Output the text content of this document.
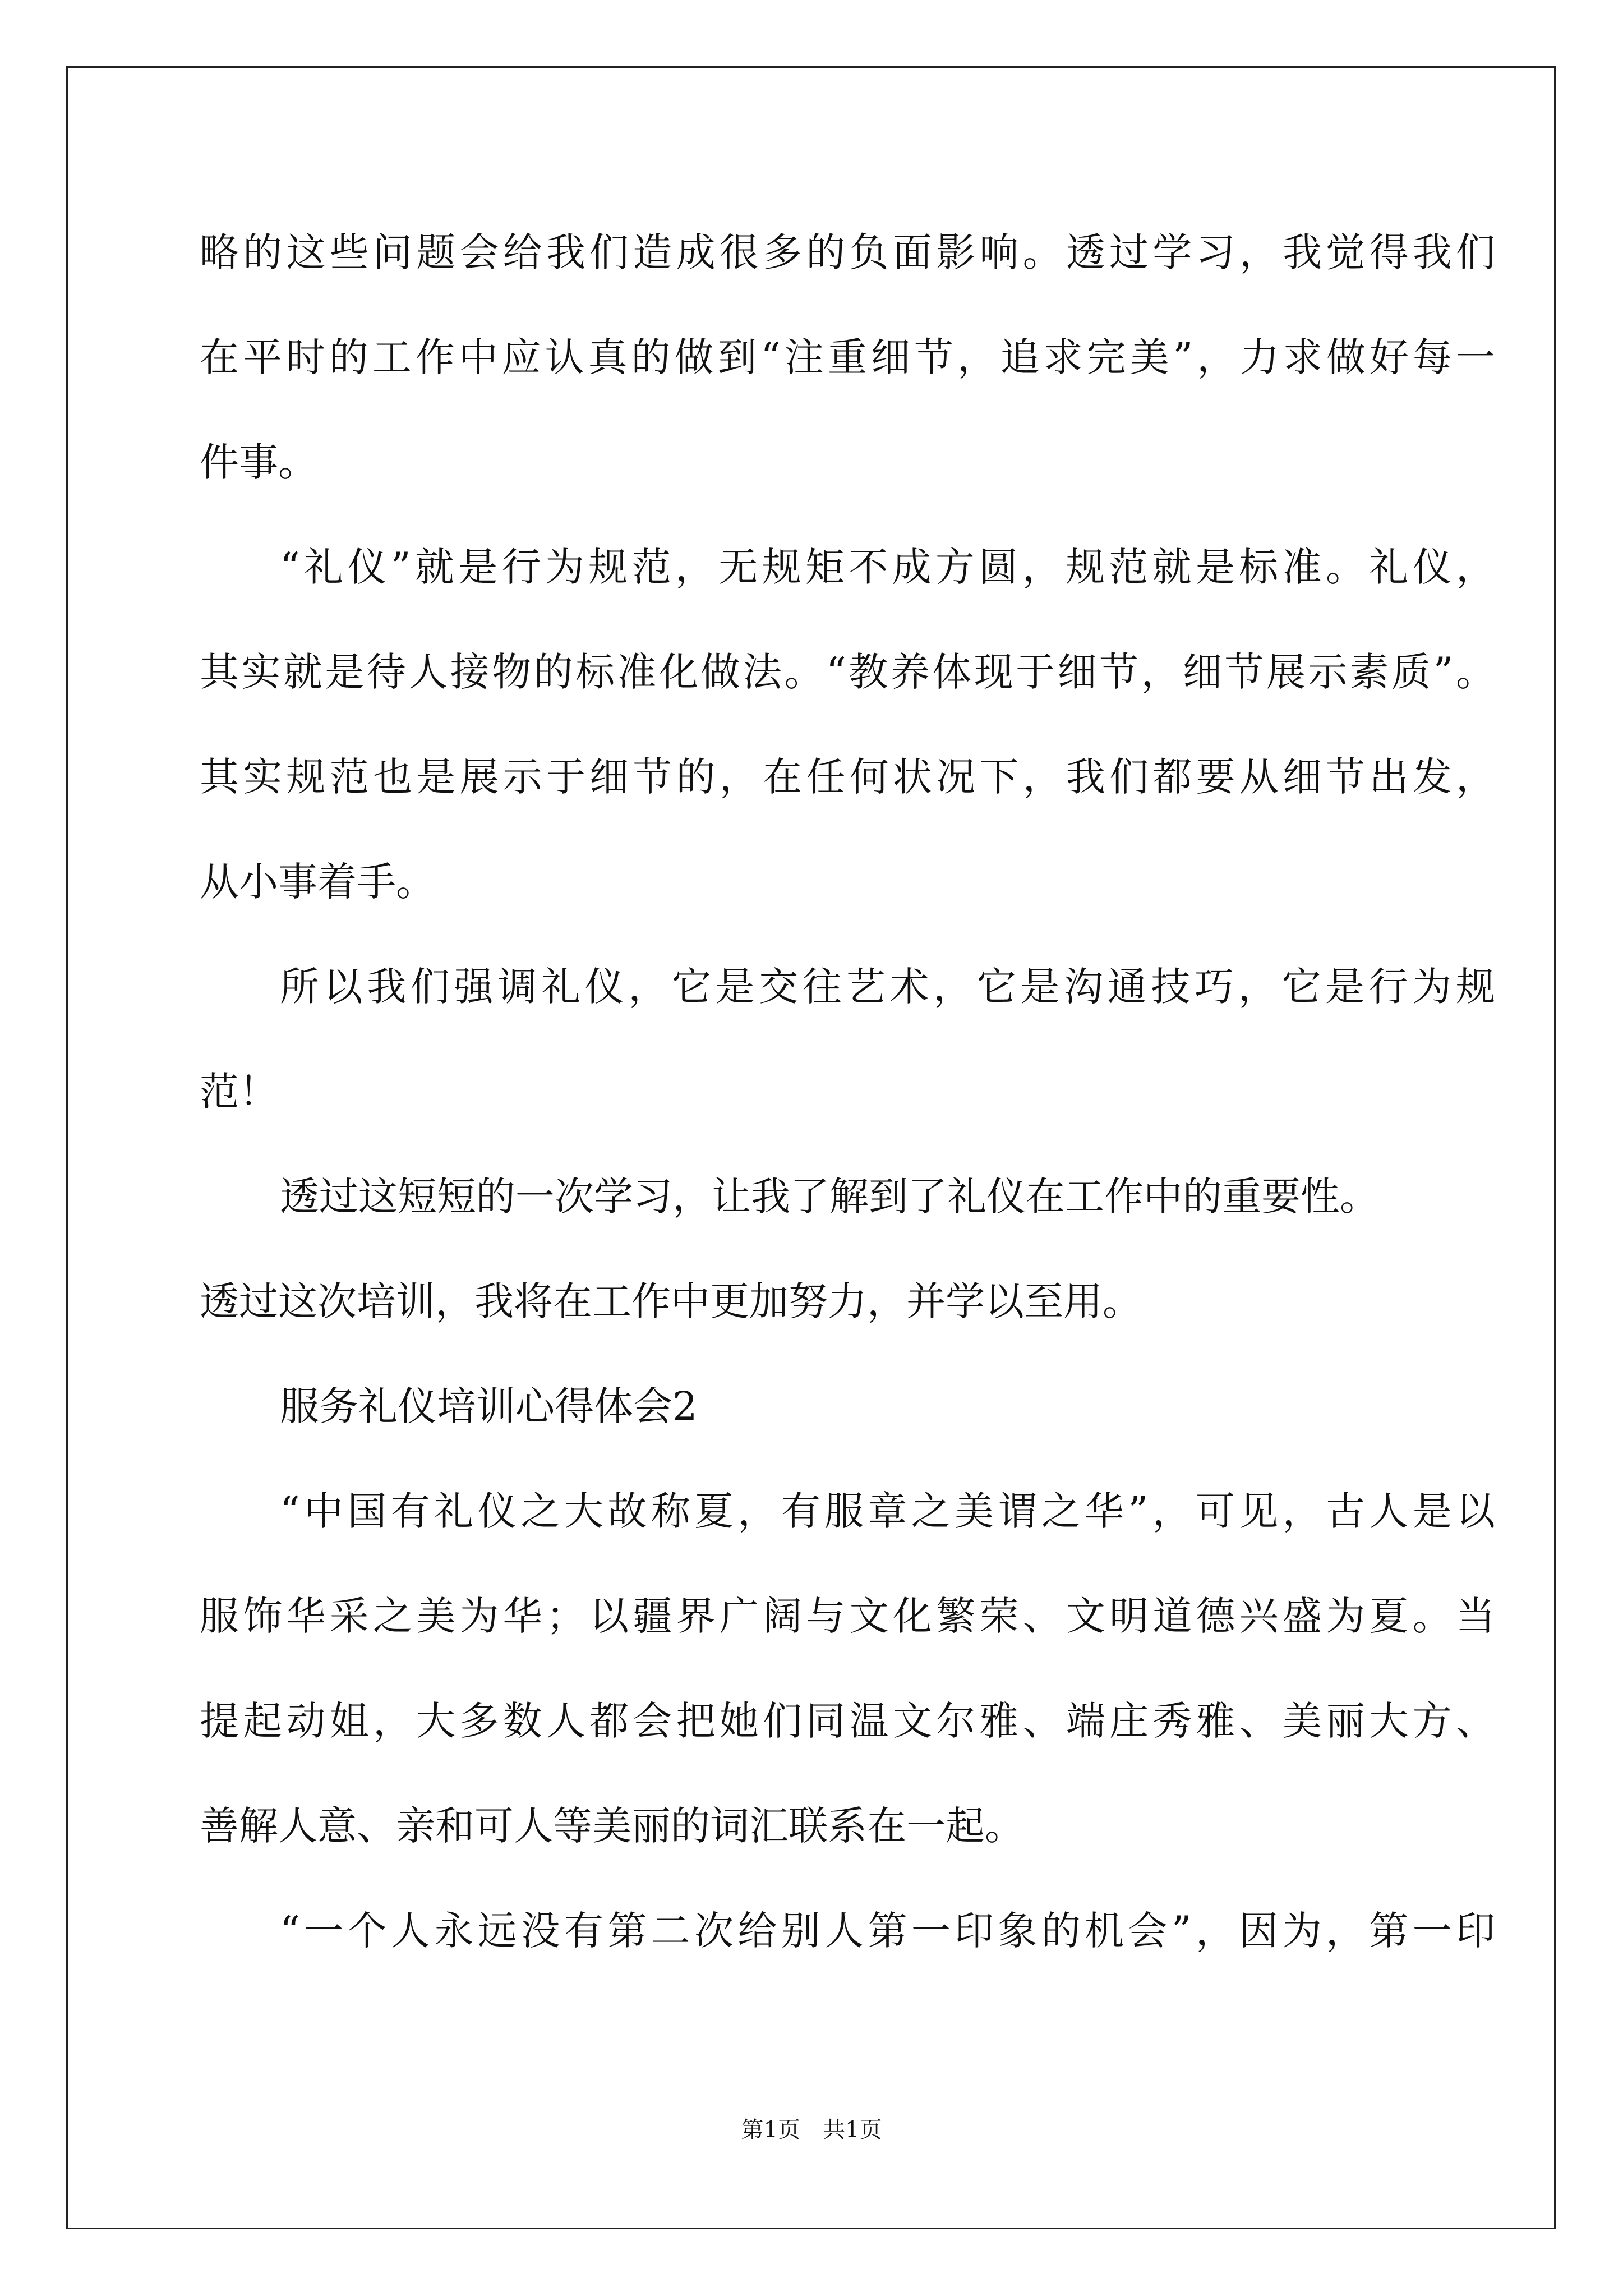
略的这些问题会给我们造成很多的负面影响。透过学习，我觉得我们
在平时的工作中应认真的做到“注重细节，追求完美”，力求做好每一
件事。
“礼仪”就是行为规范，无规矩不成方圆，规范就是标准。礼仪，
其实就是待人接物的标准化做法。“教养体现于细节，细节展示素质”。
其实规范也是展示于细节的，在任何状况下，我们都要从细节出发，
从小事着手。
所以我们强调礼仪，它是交往艺术，它是沟通技巧，它是行为规
范！
透过这短短的一次学习，让我了解到了礼仪在工作中的重要性。
透过这次培训，我将在工作中更加努力，并学以至用。
服务礼仪培训心得体会2
“中国有礼仪之大故称夏，有服章之美谓之华”，可见，古人是以
服饰华采之美为华；以疆界广阔与文化繁荣、文明道德兴盛为夏。当
提起动姐，大多数人都会把她们同温文尔雅、端庄秀雅、美丽大方、
善解人意、亲和可人等美丽的词汇联系在一起。
“一个人永远没有第二次给别人第一印象的机会”，因为，第一印
第1页　共1页
